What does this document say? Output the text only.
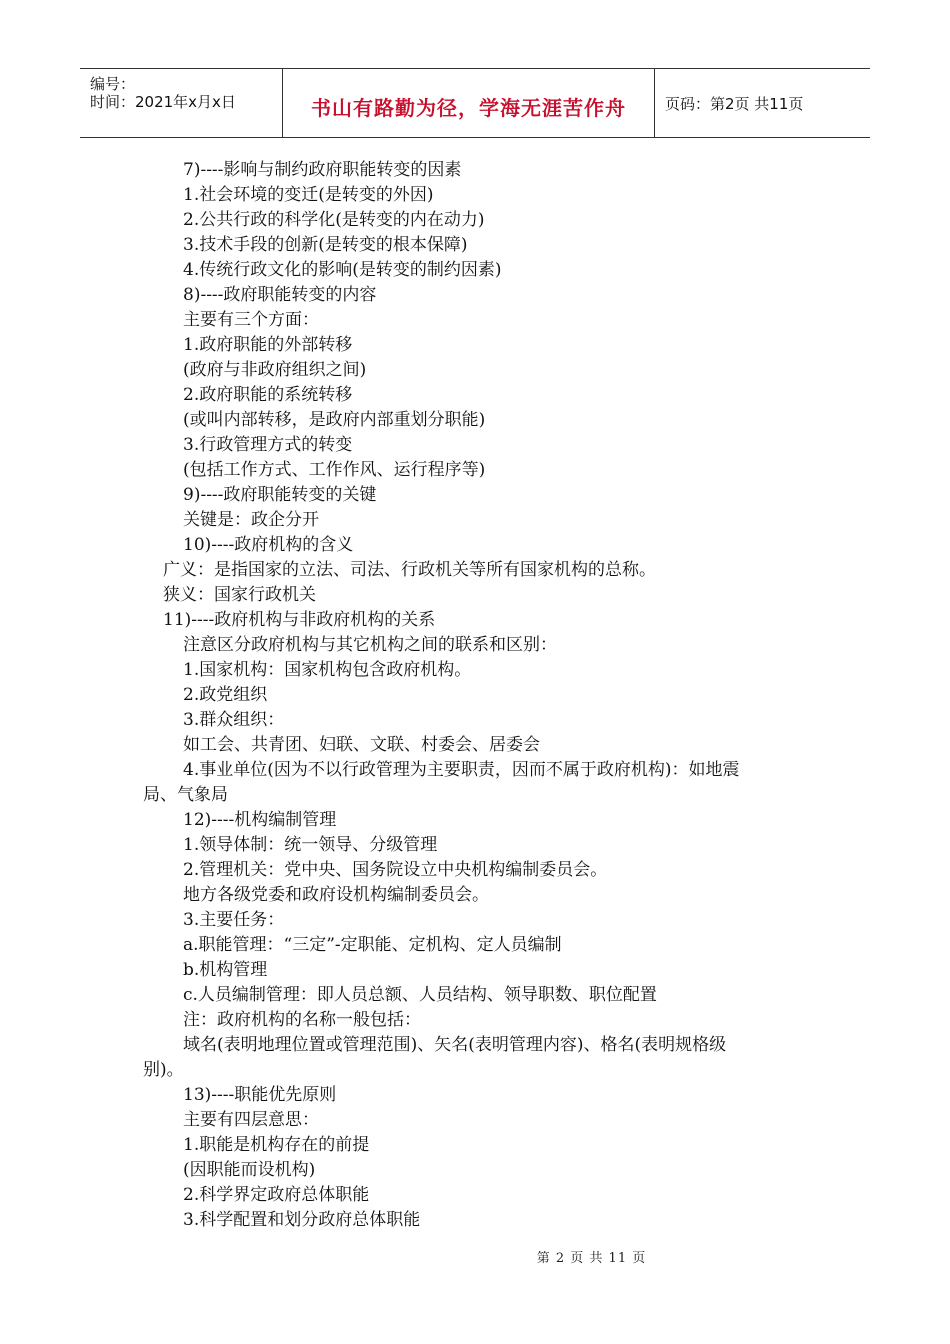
编号：
时间：2021年x月x日	书山有路勤为径，学海无涯苦作舟	页码：第2页 共11页
7)----影响与制约政府职能转变的因素
1.社会环境的变迁(是转变的外因)
2.公共行政的科学化(是转变的内在动力)
3.技术手段的创新(是转变的根本保障)
4.传统行政文化的影响(是转变的制约因素)
8)----政府职能转变的内容
主要有三个方面：
1.政府职能的外部转移
(政府与非政府组织之间)
2.政府职能的系统转移
(或叫内部转移，是政府内部重划分职能)
3.行政管理方式的转变
(包括工作方式、工作作风、运行程序等)
9)----政府职能转变的关键
关键是：政企分开
10)----政府机构的含义
广义：是指国家的立法、司法、行政机关等所有国家机构的总称。
狭义：国家行政机关
11)----政府机构与非政府机构的关系
注意区分政府机构与其它机构之间的联系和区别：
1.国家机构：国家机构包含政府机构。
2.政党组织
3.群众组织：
如工会、共青团、妇联、文联、村委会、居委会
4.事业单位(因为不以行政管理为主要职责，因而不属于政府机构)：如地震
局、气象局
12)----机构编制管理
1.领导体制：统一领导、分级管理
2.管理机关：党中央、国务院设立中央机构编制委员会。
地方各级党委和政府设机构编制委员会。
3.主要任务：
a.职能管理：“三定”-定职能、定机构、定人员编制
b.机构管理
c.人员编制管理：即人员总额、人员结构、领导职数、职位配置
注：政府机构的名称一般包括：
域名(表明地理位置或管理范围)、矢名(表明管理内容)、格名(表明规格级
别)。
13)----职能优先原则
主要有四层意思：
1.职能是机构存在的前提
(因职能而设机构)
2.科学界定政府总体职能
3.科学配置和划分政府总体职能
第 2 页 共 11 页
